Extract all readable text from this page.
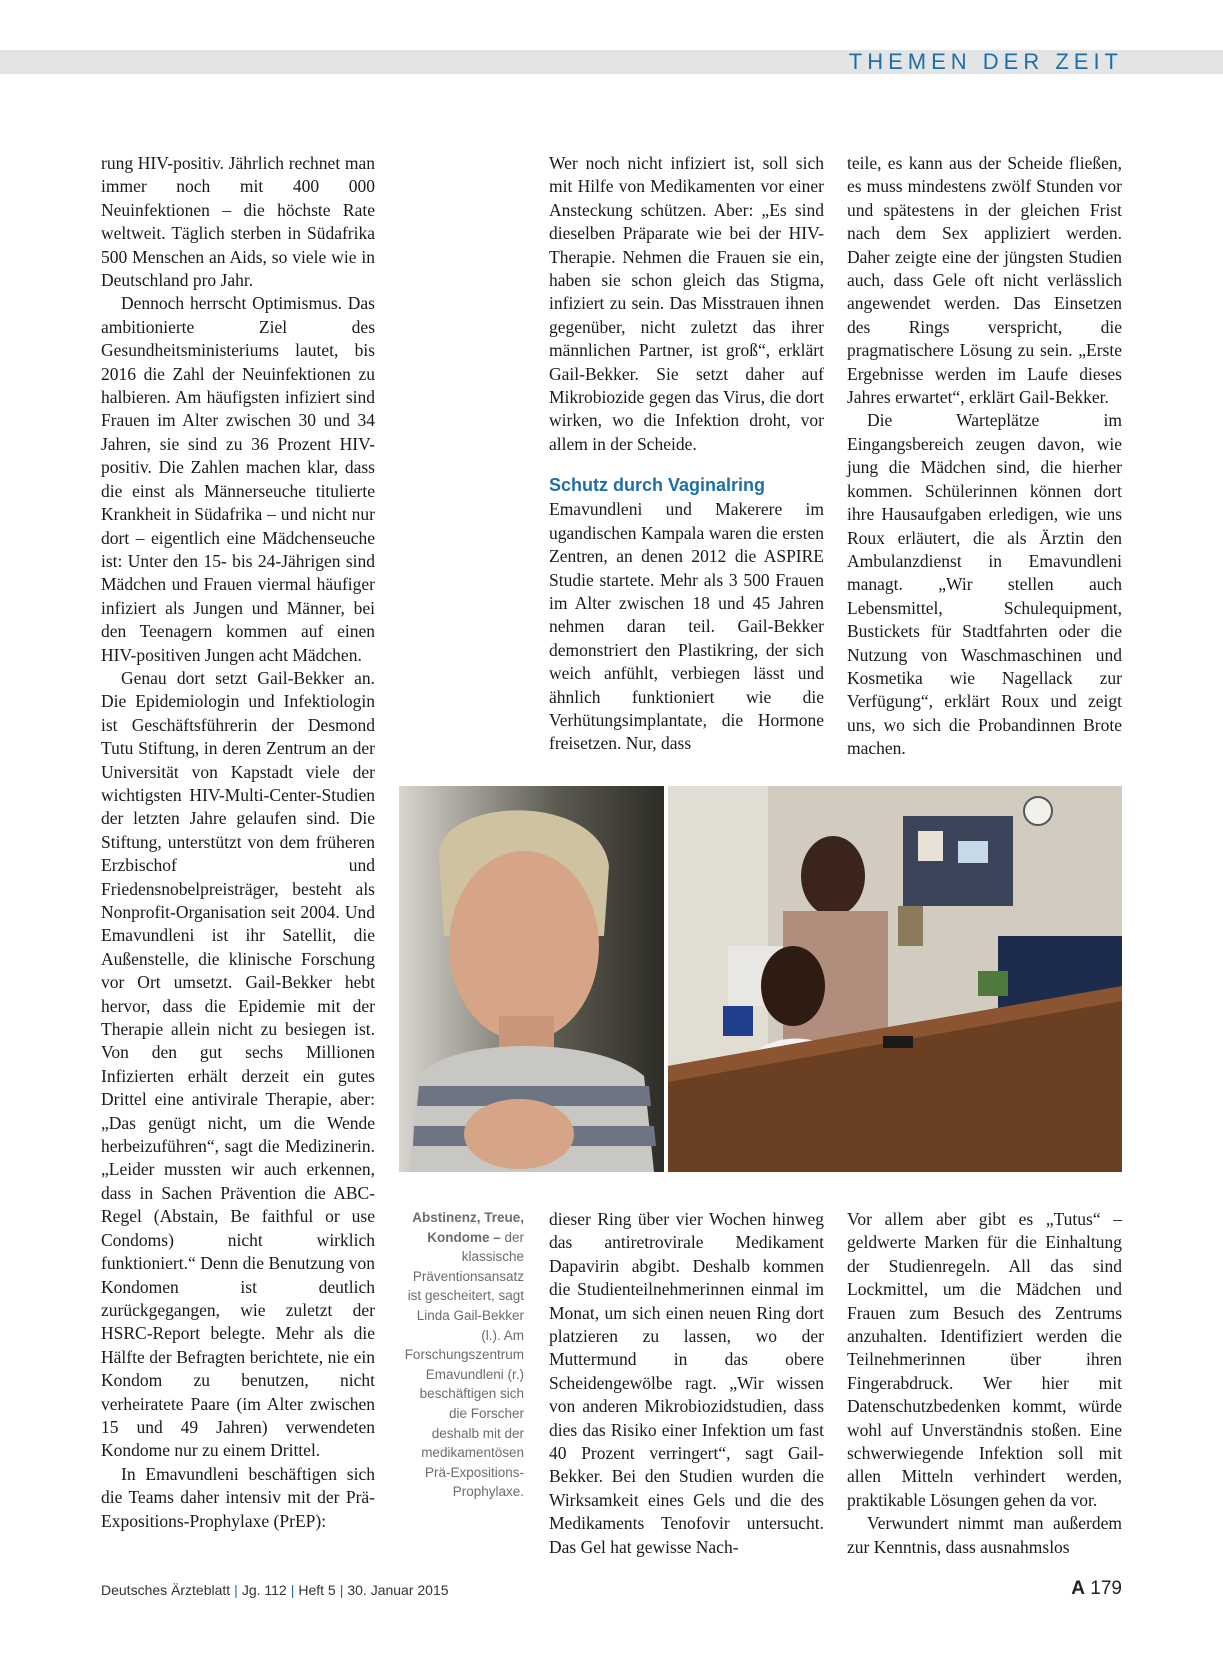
THEMEN DER ZEIT

rung HIV-positiv. Jährlich rechnet man immer noch mit 400 000 Neuinfektionen – die höchste Rate weltweit. Täglich sterben in Südafrika 500 Menschen an Aids, so viele wie in Deutschland pro Jahr.

Dennoch herrscht Optimismus. Das ambitionierte Ziel des Gesundheitsministeriums lautet, bis 2016 die Zahl der Neuinfektionen zu halbieren. Am häufigsten infiziert sind Frauen im Alter zwischen 30 und 34 Jahren, sie sind zu 36 Prozent HIV-positiv. Die Zahlen machen klar, dass die einst als Männerseuche titulierte Krankheit in Südafrika – und nicht nur dort – eigentlich eine Mädchenseuche ist: Unter den 15- bis 24-Jährigen sind Mädchen und Frauen viermal häufiger infiziert als Jungen und Männer, bei den Teenagern kommen auf einen HIV-positiven Jungen acht Mädchen.

Genau dort setzt Gail-Bekker an. Die Epidemiologin und Infektiologin ist Geschäftsführerin der Desmond Tutu Stiftung, in deren Zentrum an der Universität von Kapstadt viele der wichtigsten HIV-Multi-Center-Studien der letzten Jahre gelaufen sind. Die Stiftung, unterstützt von dem früheren Erzbischof und Friedensnobelpreisträger, besteht als Nonprofit-Organisation seit 2004. Und Emavundleni ist ihr Satellit, die Außenstelle, die klinische Forschung vor Ort umsetzt. Gail-Bekker hebt hervor, dass die Epidemie mit der Therapie allein nicht zu besiegen ist. Von den gut sechs Millionen Infizierten erhält derzeit ein gutes Drittel eine antivirale Therapie, aber: „Das genügt nicht, um die Wende herbeizuführen“, sagt die Medizinerin. „Leider mussten wir auch erkennen, dass in Sachen Prävention die ABC-Regel (Abstain, Be faithful or use Condoms) nicht wirklich funktioniert.“ Denn die Benutzung von Kondomen ist deutlich zurückgegangen, wie zuletzt der HSRC-Report belegte. Mehr als die Hälfte der Befragten berichtete, nie ein Kondom zu benutzen, nicht verheiratete Paare (im Alter zwischen 15 und 49 Jahren) verwendeten Kondome nur zu einem Drittel.

In Emavundleni beschäftigen sich die Teams daher intensiv mit der Prä-Expositions-Prophylaxe (PrEP):

Wer noch nicht infiziert ist, soll sich mit Hilfe von Medikamenten vor einer Ansteckung schützen. Aber: „Es sind dieselben Präparate wie bei der HIV-Therapie. Nehmen die Frauen sie ein, haben sie schon gleich das Stigma, infiziert zu sein. Das Misstrauen ihnen gegenüber, nicht zuletzt das ihrer männlichen Partner, ist groß“, erklärt Gail-Bekker. Sie setzt daher auf Mikrobiozide gegen das Virus, die dort wirken, wo die Infektion droht, vor allem in der Scheide.

Schutz durch Vaginalring

Emavundleni und Makerere im ugandischen Kampala waren die ersten Zentren, an denen 2012 die ASPIRE Studie startete. Mehr als 3 500 Frauen im Alter zwischen 18 und 45 Jahren nehmen daran teil. Gail-Bekker demonstriert den Plastikring, der sich weich anfühlt, verbiegen lässt und ähnlich funktioniert wie die Verhütungsimplantate, die Hormone freisetzen. Nur, dass

teile, es kann aus der Scheide fließen, es muss mindestens zwölf Stunden vor und spätestens in der gleichen Frist nach dem Sex appliziert werden. Daher zeigte eine der jüngsten Studien auch, dass Gele oft nicht verlässlich angewendet werden. Das Einsetzen des Rings verspricht, die pragmatischere Lösung zu sein. „Erste Ergebnisse werden im Laufe dieses Jahres erwartet“, erklärt Gail-Bekker.

Die Warteplätze im Eingangsbereich zeugen davon, wie jung die Mädchen sind, die hierher kommen. Schülerinnen können dort ihre Hausaufgaben erledigen, wie uns Roux erläutert, die als Ärztin den Ambulanzdienst in Emavundleni managt. „Wir stellen auch Lebensmittel, Schulequipment, Bustickets für Stadtfahrten oder die Nutzung von Waschmaschinen und Kosmetika wie Nagellack zur Verfügung“, erklärt Roux und zeigt uns, wo sich die Probandinnen Brote machen.

Abstinenz, Treue, Kondome – der klassische Präventionsansatz ist gescheitert, sagt Linda Gail-Bekker (l.). Am Forschungszentrum Emavundleni (r.) beschäftigen sich die Forscher deshalb mit der medikamentösen Prä-Expositions-Prophylaxe.

dieser Ring über vier Wochen hinweg das antiretrovirale Medikament Dapavirin abgibt. Deshalb kommen die Studienteilnehmerinnen einmal im Monat, um sich einen neuen Ring dort platzieren zu lassen, wo der Muttermund in das obere Scheidengewölbe ragt. „Wir wissen von anderen Mikrobiozidstudien, dass dies das Risiko einer Infektion um fast 40 Prozent verringert“, sagt Gail-Bekker. Bei den Studien wurden die Wirksamkeit eines Gels und die des Medikaments Tenofovir untersucht. Das Gel hat gewisse Nach-

Vor allem aber gibt es „Tutus“ – geldwerte Marken für die Einhaltung der Studienregeln. All das sind Lockmittel, um die Mädchen und Frauen zum Besuch des Zentrums anzuhalten. Identifiziert werden die Teilnehmerinnen über ihren Fingerabdruck. Wer hier mit Datenschutzbedenken kommt, würde wohl auf Unverständnis stoßen. Eine schwerwiegende Infektion soll mit allen Mitteln verhindert werden, praktikable Lösungen gehen da vor.

Verwundert nimmt man außerdem zur Kenntnis, dass ausnahmslos

Deutsches Ärzteblatt | Jg. 112 | Heft 5 | 30. Januar 2015	A 179
